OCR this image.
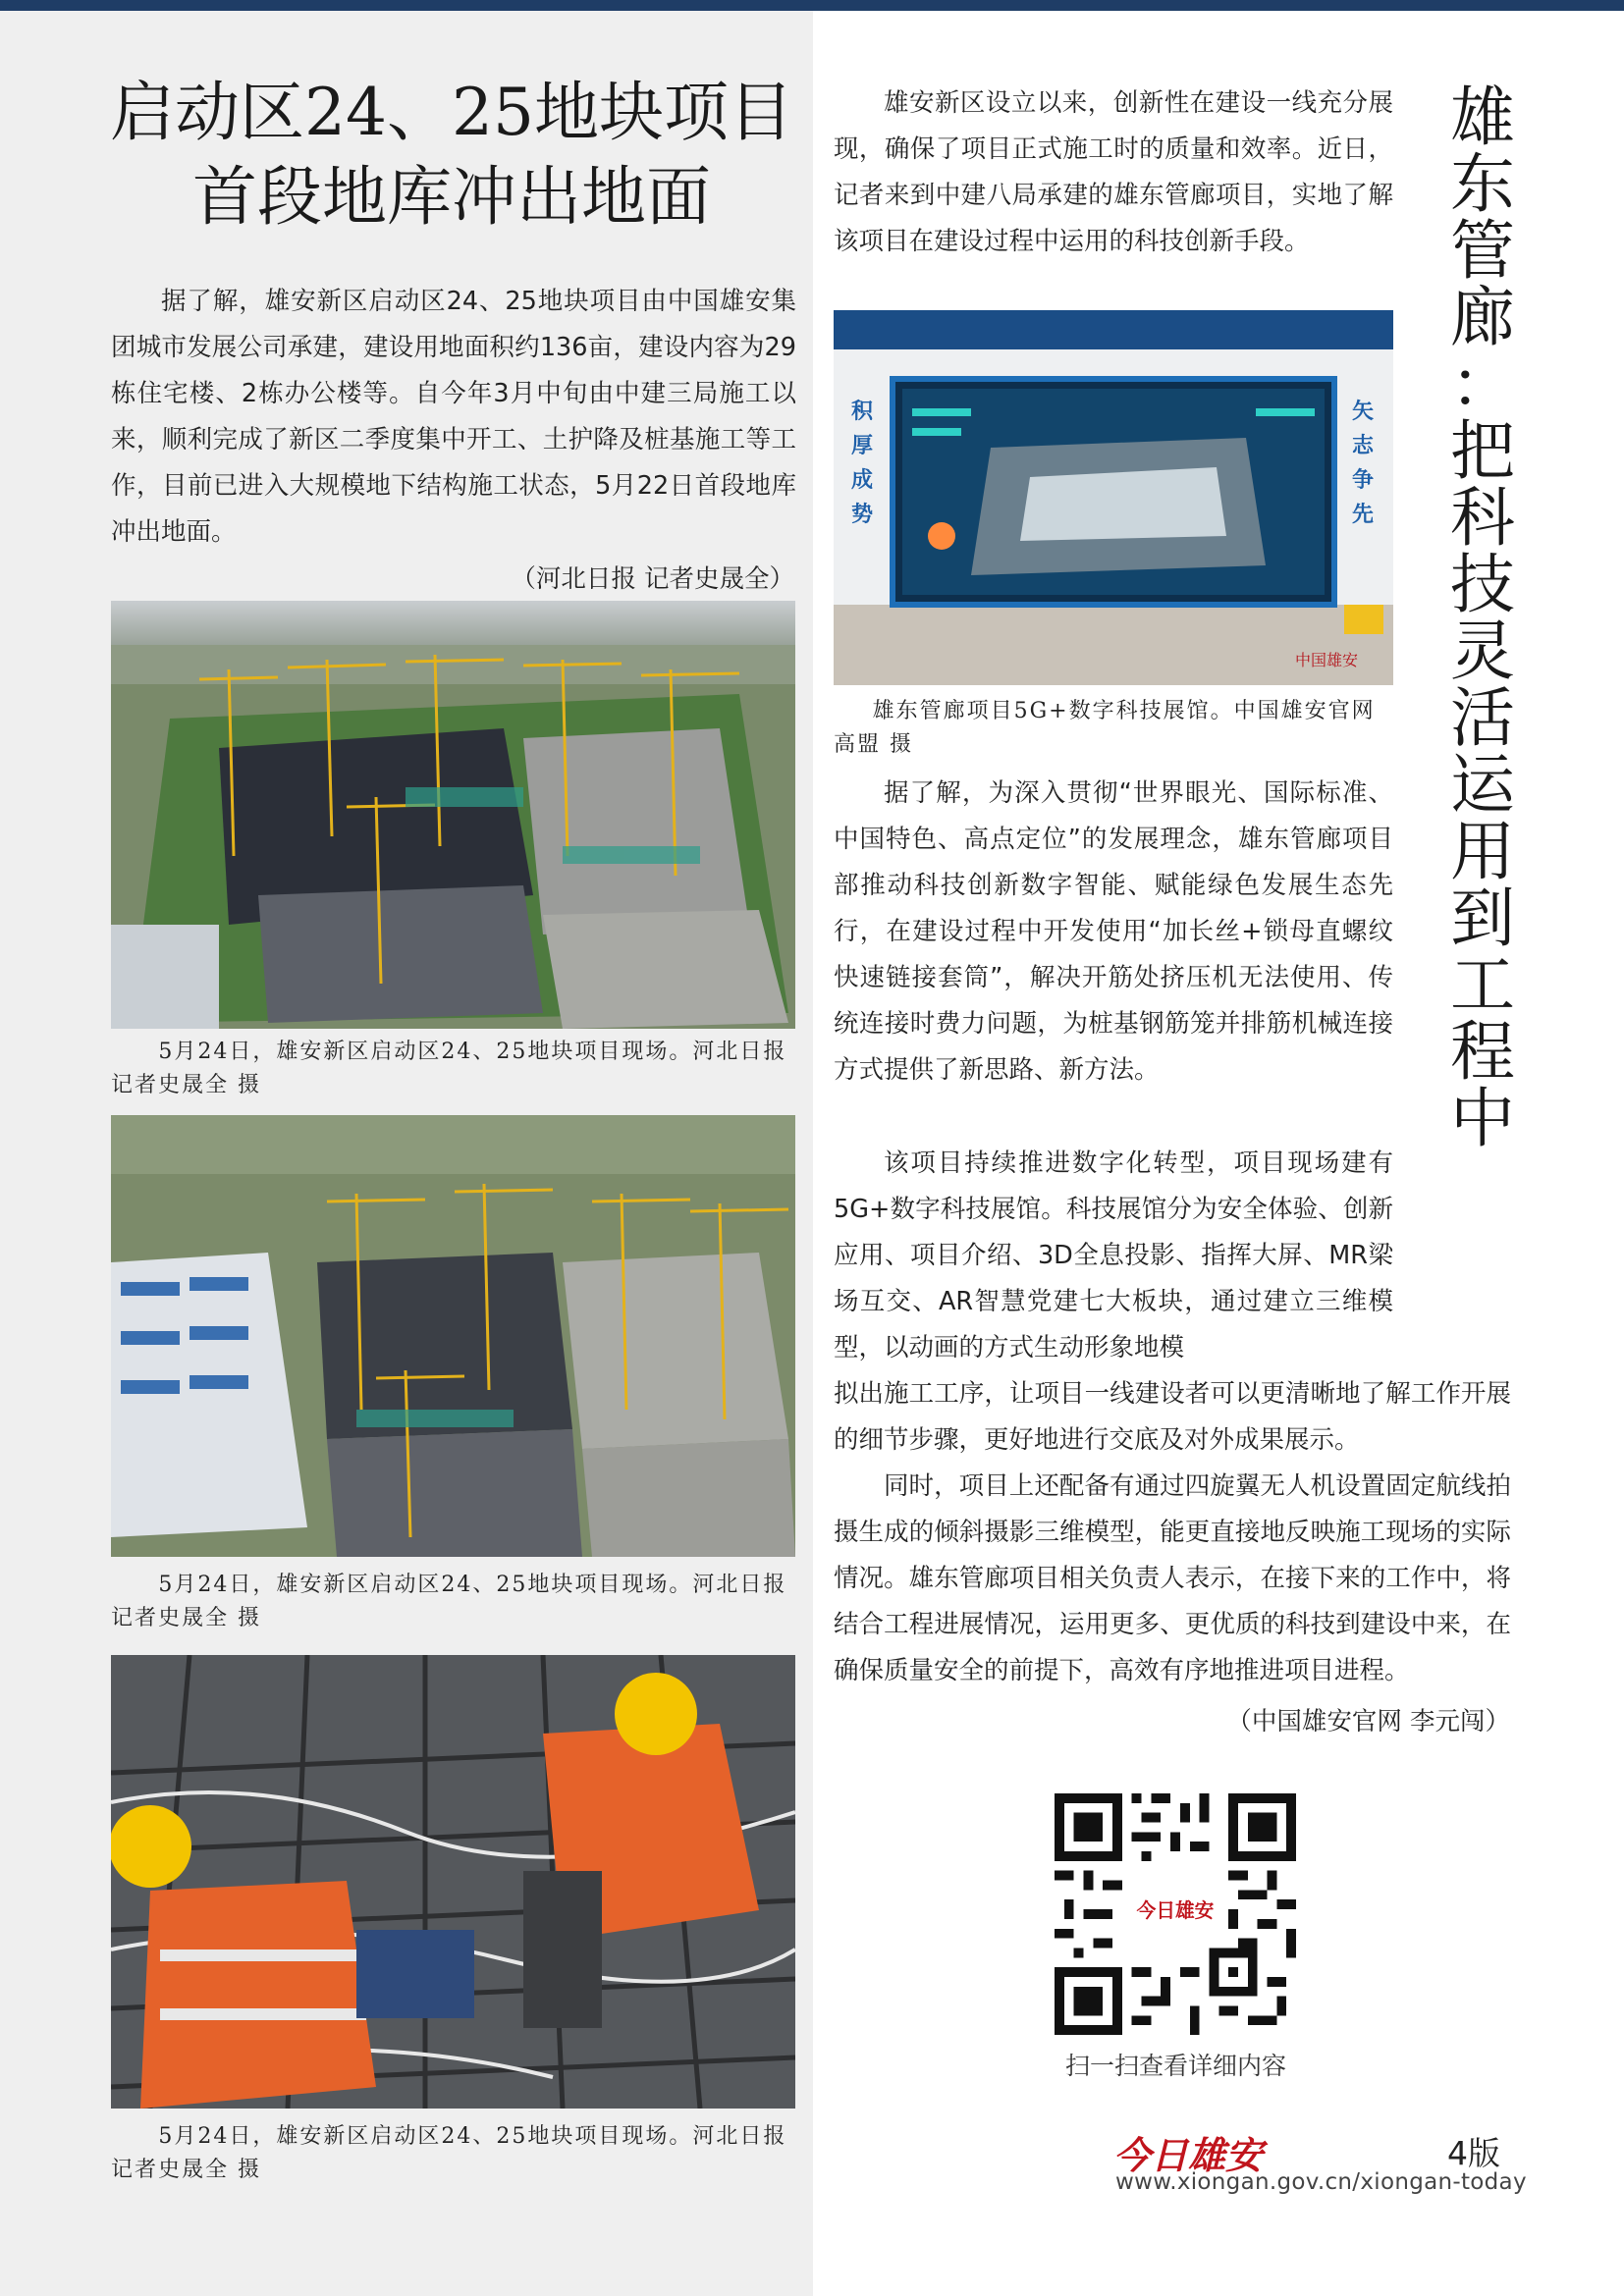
启动区24、25地块项目
首段地库冲出地面

据了解，雄安新区启动区24、25地块项目由中国雄安集团城市发展公司承建，建设用地面积约136亩，建设内容为29栋住宅楼、2栋办公楼等。自今年3月中旬由中建三局施工以来，顺利完成了新区二季度集中开工、土护降及桩基施工等工作，目前已进入大规模地下结构施工状态，5月22日首段地库冲出地面。

（河北日报 记者史晟全）

5月24日，雄安新区启动区24、25地块项目现场。河北日报记者史晟全 摄

5月24日，雄安新区启动区24、25地块项目现场。河北日报记者史晟全 摄

5月24日，雄安新区启动区24、25地块项目现场。河北日报记者史晟全 摄

雄安新区设立以来，创新性在建设一线充分展现，确保了项目正式施工时的质量和效率。近日，记者来到中建八局承建的雄东管廊项目，实地了解该项目在建设过程中运用的科技创新手段。

积
厚
成
势
矢
志
争
先
中国雄安

雄东管廊项目5G+数字科技展馆。中国雄安官网高盟 摄

据了解，为深入贯彻“世界眼光、国际标准、中国特色、高点定位”的发展理念，雄东管廊项目部推动科技创新数字智能、赋能绿色发展生态先行，在建设过程中开发使用“加长丝+锁母直螺纹快速链接套筒”，解决开筋处挤压机无法使用、传统连接时费力问题，为桩基钢筋笼并排筋机械连接方式提供了新思路、新方法。

该项目持续推进数字化转型，项目现场建有5G+数字科技展馆。科技展馆分为安全体验、创新应用、项目介绍、3D全息投影、指挥大屏、MR梁场互交、AR智慧党建七大板块，通过建立三维模型，以动画的方式生动形象地模

拟出施工工序，让项目一线建设者可以更清晰地了解工作开展的细节步骤，更好地进行交底及对外成果展示。

同时，项目上还配备有通过四旋翼无人机设置固定航线拍摄生成的倾斜摄影三维模型，能更直接地反映施工现场的实际情况。雄东管廊项目相关负责人表示，在接下来的工作中，将结合工程进展情况，运用更多、更优质的科技到建设中来，在确保质量安全的前提下，高效有序地推进项目进程。

（中国雄安官网 李元闯）
雄
东
管
廊
：
把
科
技
灵
活
运
用
到
工
程
中
今日雄安
扫一扫查看详细内容
今日雄安	4版
www.xiongan.gov.cn/xiongan-today
